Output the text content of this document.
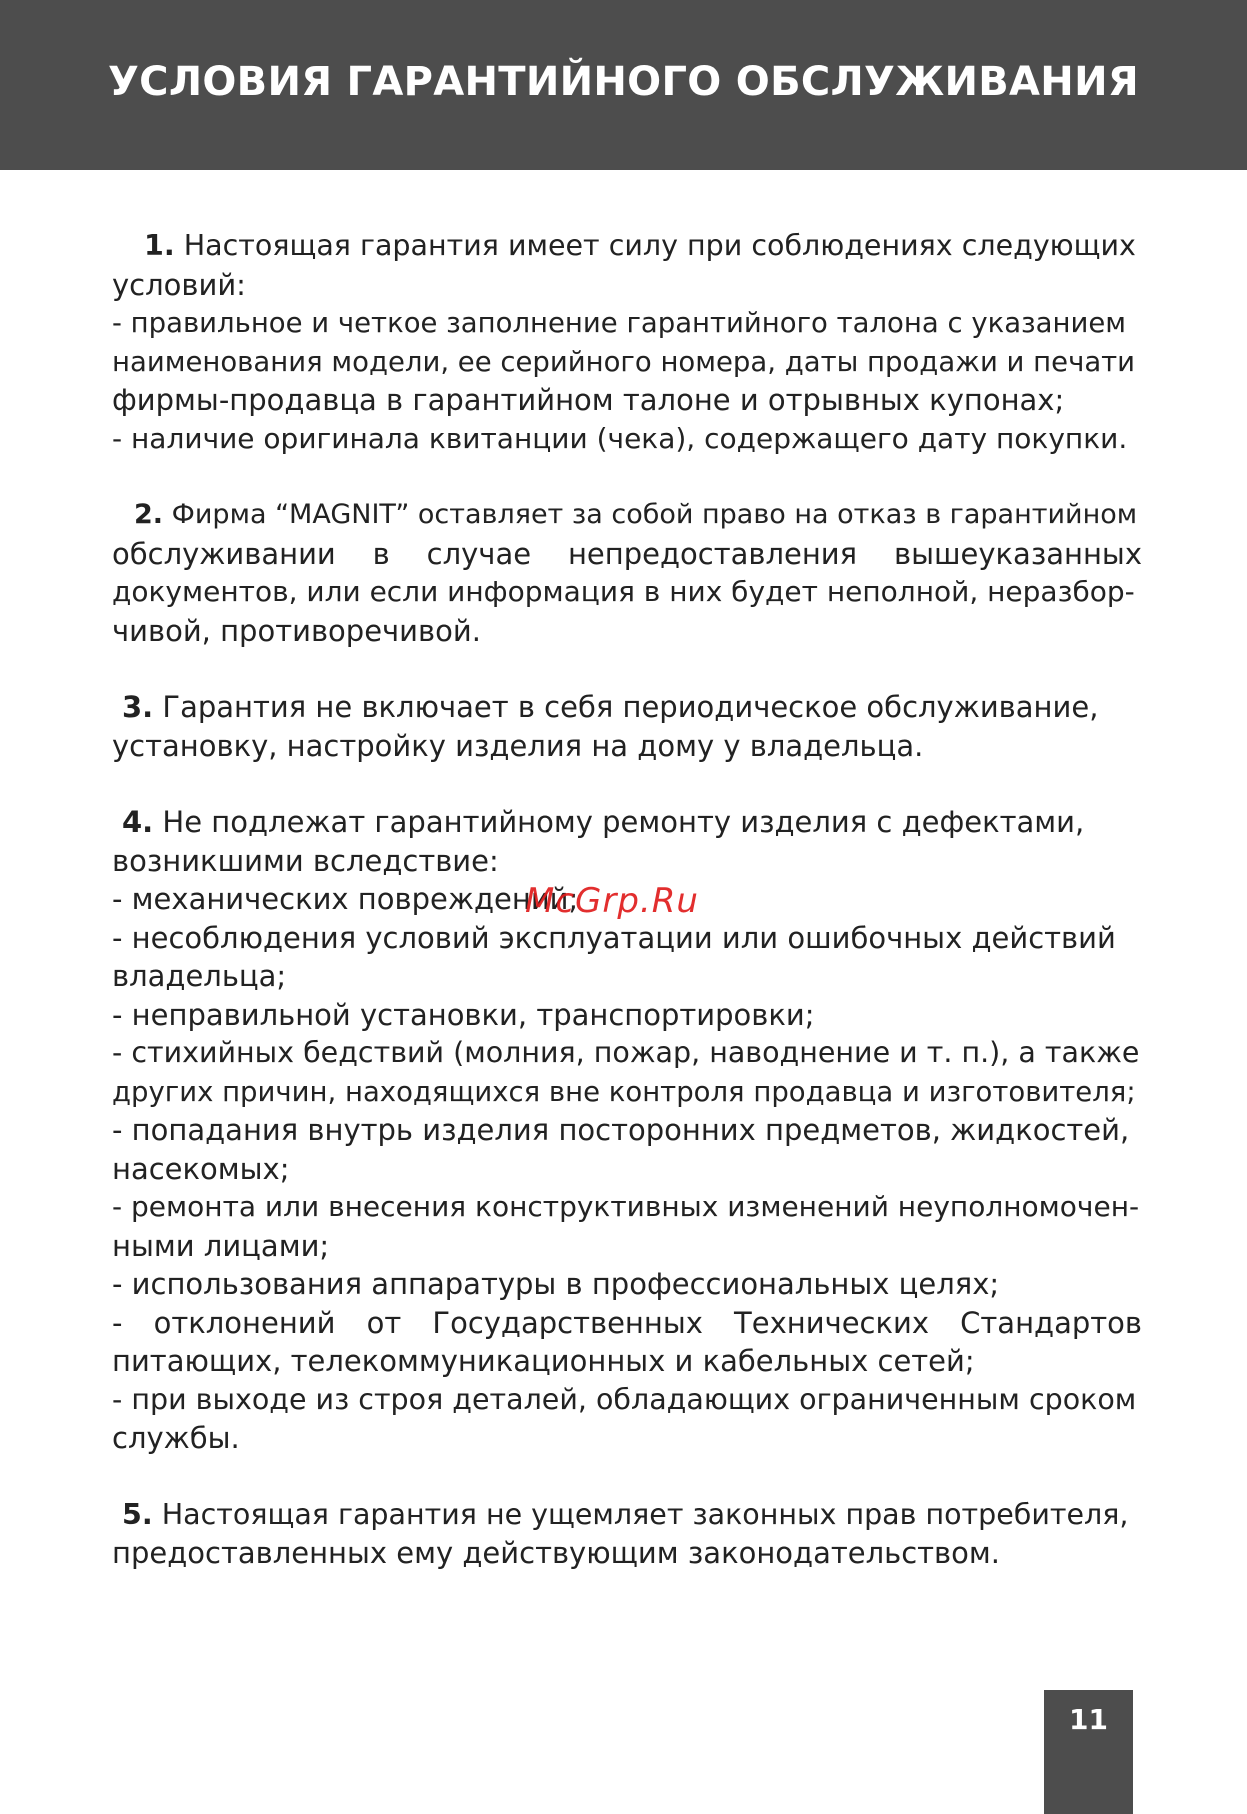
УСЛОВИЯ ГАРАНТИЙНОГО ОБСЛУЖИВАНИЯ
1. Настоящая гарантия имеет силу при соблюдениях следующих
условий:
- правильное и четкое заполнение гарантийного талона с указанием
наименования модели, ее серийного номера, даты продажи и печати
фирмы-продавца в гарантийном талоне и отрывных купонах;
- наличие оригинала квитанции (чека), содержащего дату покупки.
2. Фирма “MAGNIT” оставляет за собой право на отказ в гарантийном
обслуживании в случае непредоставления вышеуказанных
документов, или если информация в них будет неполной, неразбор-
чивой, противоречивой.
3. Гарантия не включает в себя периодическое обслуживание,
установку, настройку изделия на дому у владельца.
4. Не подлежат гарантийному ремонту изделия с дефектами,
возникшими вследствие:
- механических повреждений;
- несоблюдения условий эксплуатации или ошибочных действий
владельца;
- неправильной установки, транспортировки;
- стихийных бедствий (молния, пожар, наводнение и т. п.), а также
других причин, находящихся вне контроля продавца и изготовителя;
- попадания внутрь изделия посторонних предметов, жидкостей,
насекомых;
- ремонта или внесения конструктивных изменений неуполномочен-
ными лицами;
- использования аппаратуры в профессиональных целях;
- отклонений от Государственных Технических Стандартов
питающих, телекоммуникационных и кабельных сетей;
- при выходе из строя деталей, обладающих ограниченным сроком
службы.
5. Настоящая гарантия не ущемляет законных прав потребителя,
предоставленных ему действующим законодательством.
McGrp.Ru
11
